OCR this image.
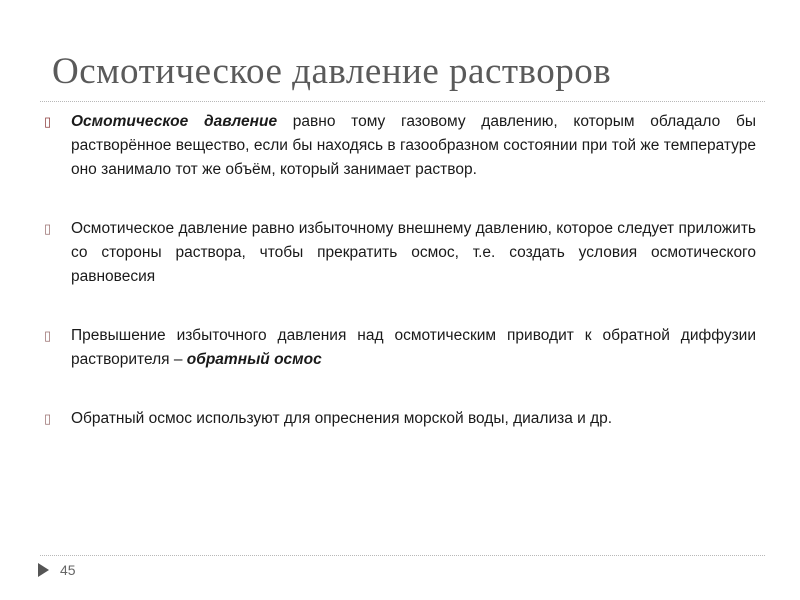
Осмотическое давление растворов
▯ Осмотическое давление равно тому газовому давлению, которым обладало бы растворённое вещество, если бы находясь в газообразном состоянии при той же температуре оно занимало тот же объём, который занимает раствор.
▯ Осмотическое давление равно избыточному внешнему давлению, которое следует приложить со стороны раствора, чтобы прекратить осмос, т.е. создать условия осмотического равновесия
▯ Превышение избыточного давления над осмотическим приводит к обратной диффузии растворителя – обратный осмос
▯ Обратный осмос используют для опреснения морской воды, диализа и др.
45
